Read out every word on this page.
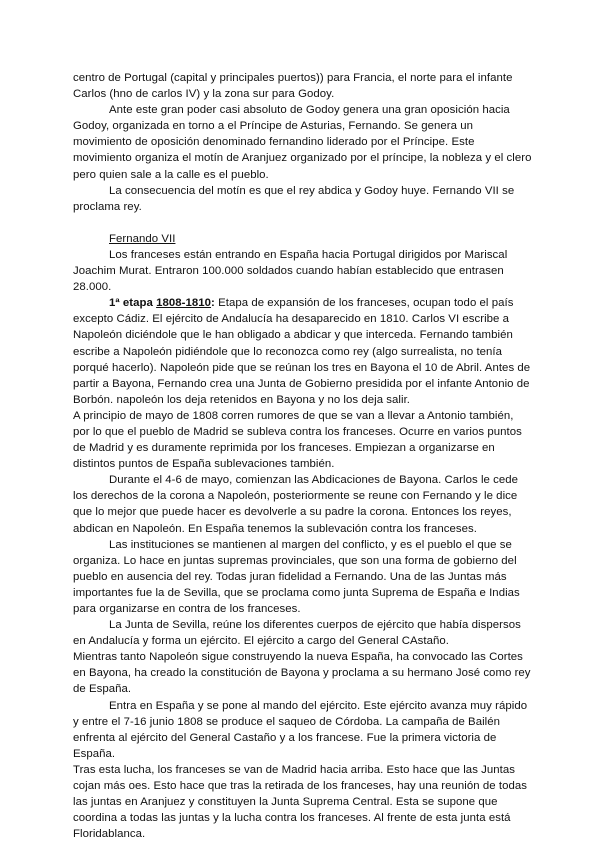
centro de Portugal (capital y principales puertos)) para Francia, el norte para el infante Carlos (hno de carlos IV) y la zona sur para Godoy.

Ante este gran poder casi absoluto de Godoy genera una gran oposición hacia Godoy, organizada en torno a el Príncipe de Asturias, Fernando. Se genera un movimiento de oposición denominado fernandino liderado por el Príncipe. Este movimiento organiza el motín de Aranjuez organizado por el príncipe, la nobleza y el clero pero quien sale a la calle es el pueblo.

La consecuencia del motín es que el rey abdica y Godoy huye. Fernando VII se proclama rey.

Fernando VII

Los franceses están entrando en España hacia Portugal dirigidos por Mariscal Joachim Murat. Entraron 100.000 soldados cuando habían establecido que entrasen 28.000.

1ª etapa 1808-1810: Etapa de expansión de los franceses, ocupan todo el país excepto Cádiz. El ejército de Andalucía ha desaparecido en 1810. Carlos VI escribe a Napoleón diciéndole que le han obligado a abdicar y que interceda. Fernando también escribe a Napoleón pidiéndole que lo reconozca como rey (algo surrealista, no tenía porqué hacerlo). Napoleón pide que se reúnan los tres en Bayona el 10 de Abril. Antes de partir a Bayona, Fernando crea una Junta de Gobierno presidida por el infante Antonio de Borbón. napoleón los deja retenidos en Bayona y no los deja salir.

A principio de mayo de 1808 corren rumores de que se van a llevar a Antonio también, por lo que el pueblo de Madrid se subleva contra los franceses. Ocurre en varios puntos de Madrid y es duramente reprimida por los franceses. Empiezan a organizarse en distintos puntos de España sublevaciones también.

Durante el 4-6 de mayo, comienzan las Abdicaciones de Bayona. Carlos le cede los derechos de la corona a Napoleón, posteriormente se reune con Fernando y le dice que lo mejor que puede hacer es devolverle a su padre la corona. Entonces los reyes, abdican en Napoleón. En España tenemos la sublevación contra los franceses.

Las instituciones se mantienen al margen del conflicto, y es el pueblo el que se organiza. Lo hace en juntas supremas provinciales, que son una forma de gobierno del pueblo en ausencia del rey. Todas juran fidelidad a Fernando. Una de las Juntas más importantes fue la de Sevilla, que se proclama como junta Suprema de España e Indias para organizarse en contra de los franceses.

La Junta de Sevilla, reúne los diferentes cuerpos de ejército que había dispersos en Andalucía y forma un ejército. El ejército a cargo del General CAstaño.

Mientras tanto Napoleón sigue construyendo la nueva España, ha convocado las Cortes en Bayona, ha creado la constitución de Bayona y proclama a su hermano José como rey de España.

Entra en España y se pone al mando del ejército. Este ejército avanza muy rápido y entre el 7-16 junio 1808 se produce el saqueo de Córdoba. La campaña de Bailén enfrenta al ejército del General Castaño y a los francese. Fue la primera victoria de España.

Tras esta lucha, los franceses se van de Madrid hacia arriba. Esto hace que las Juntas cojan más oes. Esto hace que tras la retirada de los franceses, hay una reunión de todas las juntas en Aranjuez y constituyen la Junta Suprema Central. Esta se supone que coordina a todas las juntas y la lucha contra los franceses. Al frente de esta junta está Floridablanca.
